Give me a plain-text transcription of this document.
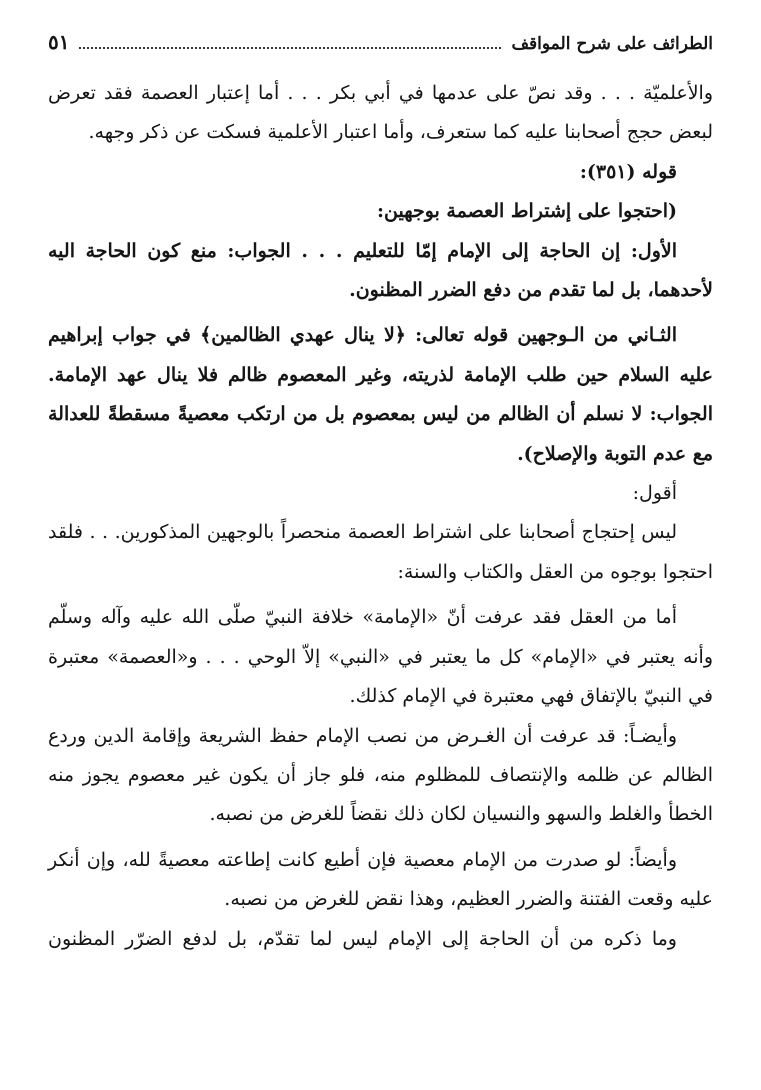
الطرائف على شرح المواقف
٥١

والأعلميّة . . . وقد نصّ على عدمها في أبي بكر . . . أما إعتبار العصمة فقد تعرض لبعض حجج أصحابنا عليه كما ستعرف، وأما اعتبار الأعلمية فسكت عن ذكر وجهه.

قوله (٣٥١):

(احتجوا على إشتراط العصمة بوجهين:

الأول: إن الحاجة إلى الإمام إمّا للتعليم . . . الجواب: منع كون الحاجة اليه لأحدهما، بل لما تقدم من دفع الضرر المظنون.

الثـاني من الـوجهين قوله تعالى: ﴿لا ينال عهدي الظالمين﴾ في جواب إبراهيم عليه السلام حين طلب الإمامة لذريته، وغير المعصوم ظالم فلا ينال عهد الإمامة. الجواب: لا نسلم أن الظالم من ليس بمعصوم بل من ارتكب معصيةً مسقطةً للعدالة مع عدم التوبة والإصلاح).

أقول:

ليس إحتجاج أصحابنا على اشتراط العصمة منحصراً بالوجهين المذكورين. . . فلقد احتجوا بوجوه من العقل والكتاب والسنة:

أما من العقل فقد عرفت أنّ «الإمامة» خلافة النبيّ صلّى الله عليه وآله وسلّم وأنه يعتبر في «الإمام» كل ما يعتبر في «النبي» إلاّ الوحي . . . و«العصمة» معتبرة في النبيّ بالإتفاق فهي معتبرة في الإمام كذلك.

وأيضـاً: قد عرفت أن الغـرض من نصب الإمام حفظ الشريعة وإقامة الدين وردع الظالم عن ظلمه والإنتصاف للمظلوم منه، فلو جاز أن يكون غير معصوم يجوز منه الخطأ والغلط والسهو والنسيان لكان ذلك نقضاً للغرض من نصبه.

وأيضاً: لو صدرت من الإمام معصية فإن أطيع كانت إطاعته معصيةً لله، وإن أنكر عليه وقعت الفتنة والضرر العظيم، وهذا نقض للغرض من نصبه.

وما ذكره من أن الحاجة إلى الإمام ليس لما تقدّم، بل لدفع الضرّر المظنون
